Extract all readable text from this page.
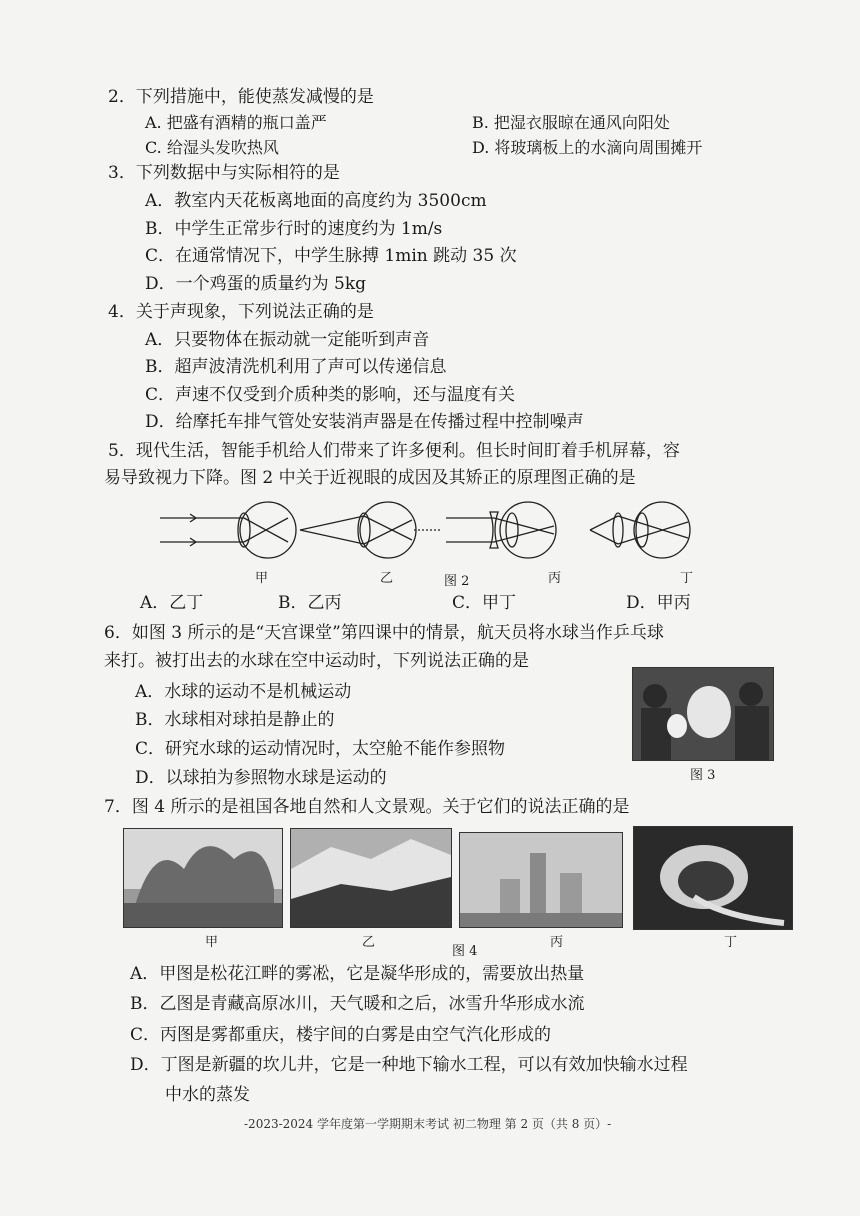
2．下列措施中，能使蒸发减慢的是
A. 把盛有酒精的瓶口盖严	B. 把湿衣服晾在通风向阳处
C. 给湿头发吹热风	D. 将玻璃板上的水滴向周围摊开
3．下列数据中与实际相符的是
A．教室内天花板离地面的高度约为 3500cm
B．中学生正常步行时的速度约为 1m/s
C．在通常情况下，中学生脉搏 1min 跳动 35 次
D．一个鸡蛋的质量约为 5kg
4．关于声现象，下列说法正确的是
A．只要物体在振动就一定能听到声音
B．超声波清洗机利用了声可以传递信息
C．声速不仅受到介质种类的影响，还与温度有关
D．给摩托车排气管处安装消声器是在传播过程中控制噪声
5．现代生活，智能手机给人们带来了许多便利。但长时间盯着手机屏幕，容
易导致视力下降。图 2 中关于近视眼的成因及其矫正的原理图正确的是
甲	乙	图 2	丙	丁
A．乙丁	B．乙丙	C．甲丁	D．甲丙
6．如图 3 所示的是“天宫课堂”第四课中的情景，航天员将水球当作乒乓球
来打。被打出去的水球在空中运动时，下列说法正确的是
A．水球的运动不是机械运动
B．水球相对球拍是静止的
C．研究水球的运动情况时，太空舱不能作参照物
D．以球拍为参照物水球是运动的	图 3
7．图 4 所示的是祖国各地自然和人文景观。关于它们的说法正确的是
甲	乙
图 4
丙	丁
A．甲图是松花江畔的雾凇，它是凝华形成的，需要放出热量
B．乙图是青藏高原冰川，天气暖和之后，冰雪升华形成水流
C．丙图是雾都重庆，楼宇间的白雾是由空气汽化形成的
D．丁图是新疆的坎儿井，它是一种地下输水工程，可以有效加快输水过程
中水的蒸发
-2023-2024 学年度第一学期期末考试 初二物理 第 2 页（共 8 页）-
